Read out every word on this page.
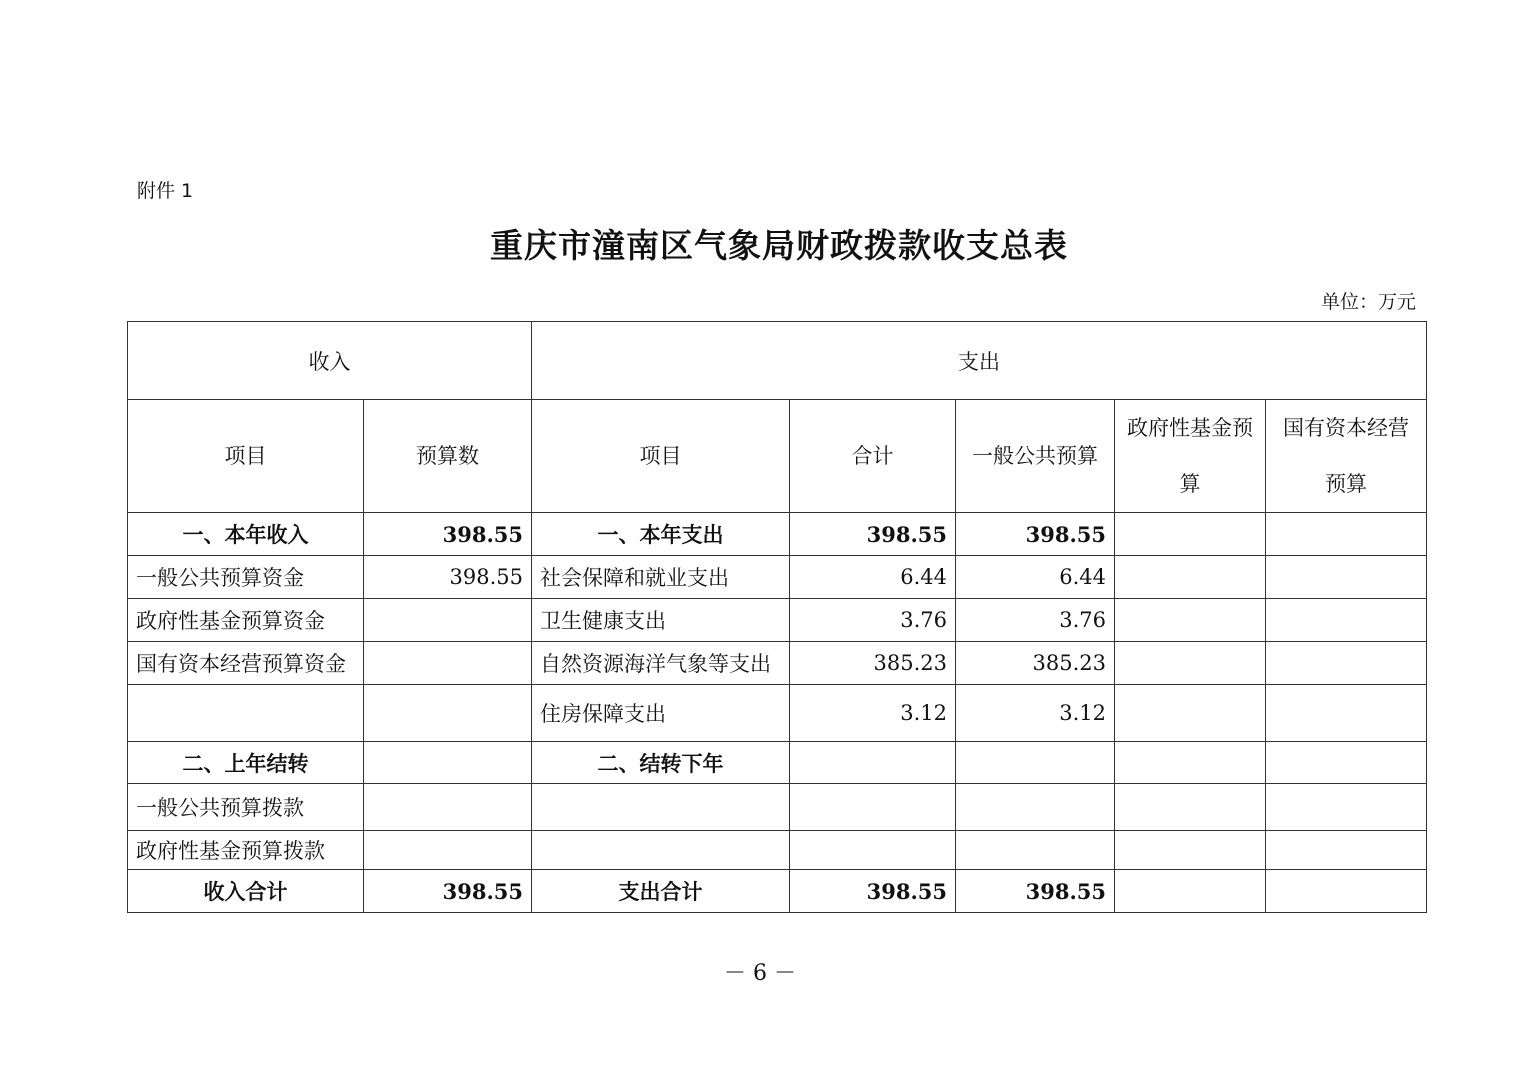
附件 1
重庆市潼南区气象局财政拨款收支总表
单位：万元
收入		支出				
项目	预算数	项目	合计	一般公共预算	政府性基金预算	国有资本经营预算
一、本年收入	398.55	一、本年支出	398.55	398.55		
一般公共预算资金	398.55	社会保障和就业支出	6.44	6.44		
政府性基金预算资金		卫生健康支出	3.76	3.76		
国有资本经营预算资金		自然资源海洋气象等支出	385.23	385.23		
		住房保障支出	3.12	3.12		
二、上年结转		二、结转下年				
一般公共预算拨款						
政府性基金预算拨款						
收入合计	398.55	支出合计	398.55	398.55		
－ 6 －
